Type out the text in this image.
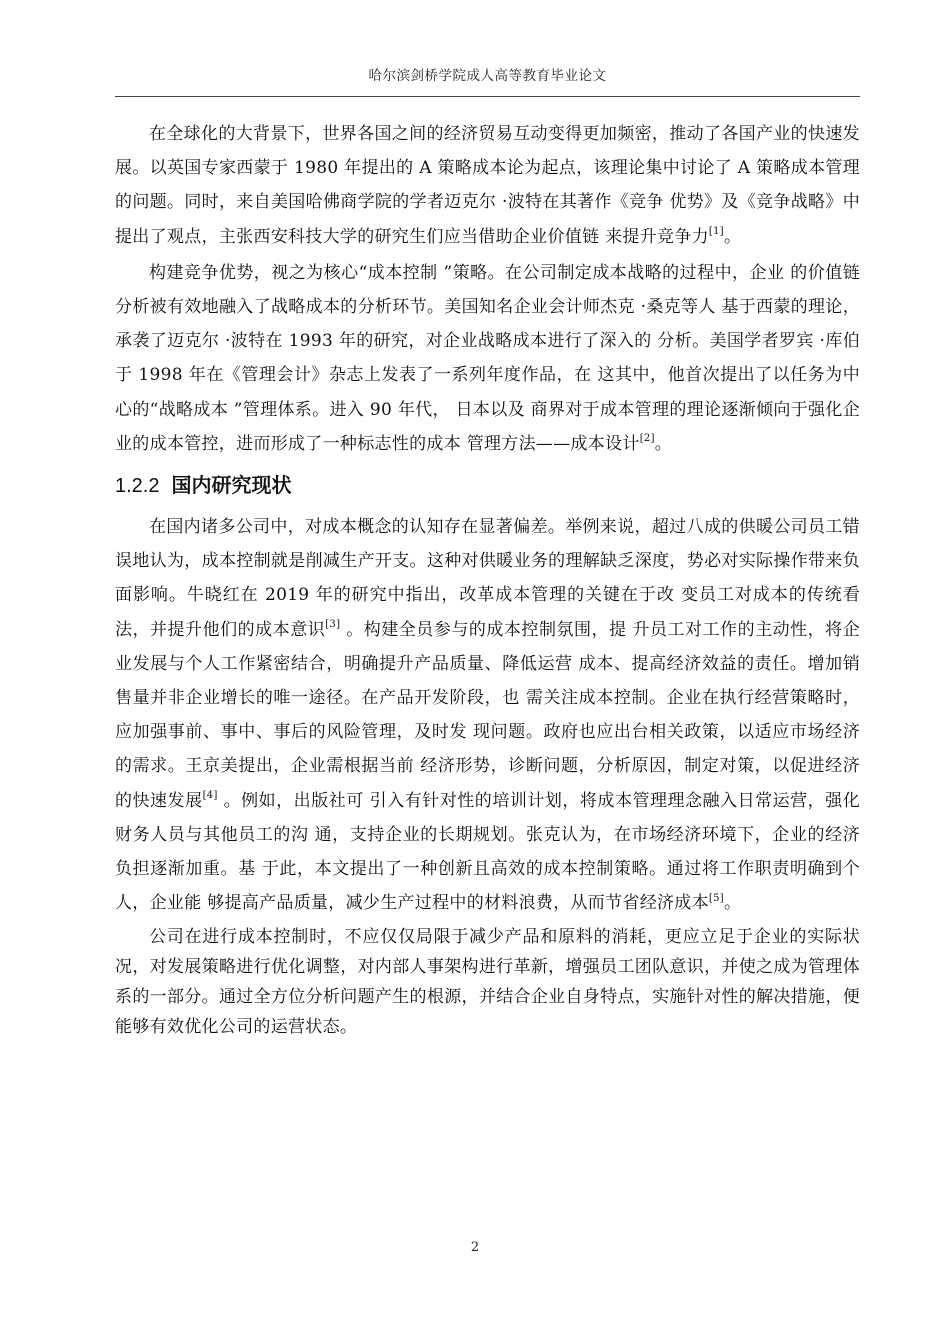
哈尔滨剑桥学院成人高等教育毕业论文

在全球化的大背景下，世界各国之间的经济贸易互动变得更加频密，推动了各国产业的快速发展。以英国专家西蒙于 1980 年提出的 A 策略成本论为起点，该理论集中讨论了 A 策略成本管理的问题。同时，来自美国哈佛商学院的学者迈克尔 ·波特在其著作《竞争 优势》及《竞争战略》中提出了观点，主张西安科技大学的研究生们应当借助企业价值链 来提升竞争力[1]。

构建竞争优势，视之为核心“成本控制 ”策略。在公司制定成本战略的过程中，企业 的价值链分析被有效地融入了战略成本的分析环节。美国知名企业会计师杰克 ·桑克等人 基于西蒙的理论，承袭了迈克尔 ·波特在 1993 年的研究，对企业战略成本进行了深入的 分析。美国学者罗宾 ·库伯于 1998 年在《管理会计》杂志上发表了一系列年度作品，在 这其中，他首次提出了以任务为中心的“战略成本 ”管理体系。进入 90 年代， 日本以及 商界对于成本管理的理论逐渐倾向于强化企业的成本管控，进而形成了一种标志性的成本 管理方法——成本设计[2]。

1.2.2 国内研究现状

在国内诸多公司中，对成本概念的认知存在显著偏差。举例来说，超过八成的供暖公司员工错误地认为，成本控制就是削减生产开支。这种对供暖业务的理解缺乏深度，势必对实际操作带来负面影响。牛晓红在 2019 年的研究中指出，改革成本管理的关键在于改 变员工对成本的传统看法，并提升他们的成本意识[3] 。构建全员参与的成本控制氛围，提 升员工对工作的主动性，将企业发展与个人工作紧密结合，明确提升产品质量、降低运营 成本、提高经济效益的责任。增加销售量并非企业增长的唯一途径。在产品开发阶段，也 需关注成本控制。企业在执行经营策略时，应加强事前、事中、事后的风险管理，及时发 现问题。政府也应出台相关政策，以适应市场经济的需求。王京美提出，企业需根据当前 经济形势，诊断问题，分析原因，制定对策，以促进经济的快速发展[4] 。例如，出版社可 引入有针对性的培训计划，将成本管理理念融入日常运营，强化财务人员与其他员工的沟 通，支持企业的长期规划。张克认为，在市场经济环境下，企业的经济负担逐渐加重。基 于此，本文提出了一种创新且高效的成本控制策略。通过将工作职责明确到个人，企业能 够提高产品质量，减少生产过程中的材料浪费，从而节省经济成本[5]。

公司在进行成本控制时，不应仅仅局限于减少产品和原料的消耗，更应立足于企业的实际状况，对发展策略进行优化调整，对内部人事架构进行革新，增强员工团队意识，并使之成为管理体系的一部分。通过全方位分析问题产生的根源，并结合企业自身特点，实施针对性的解决措施，便能够有效优化公司的运营状态。

2
